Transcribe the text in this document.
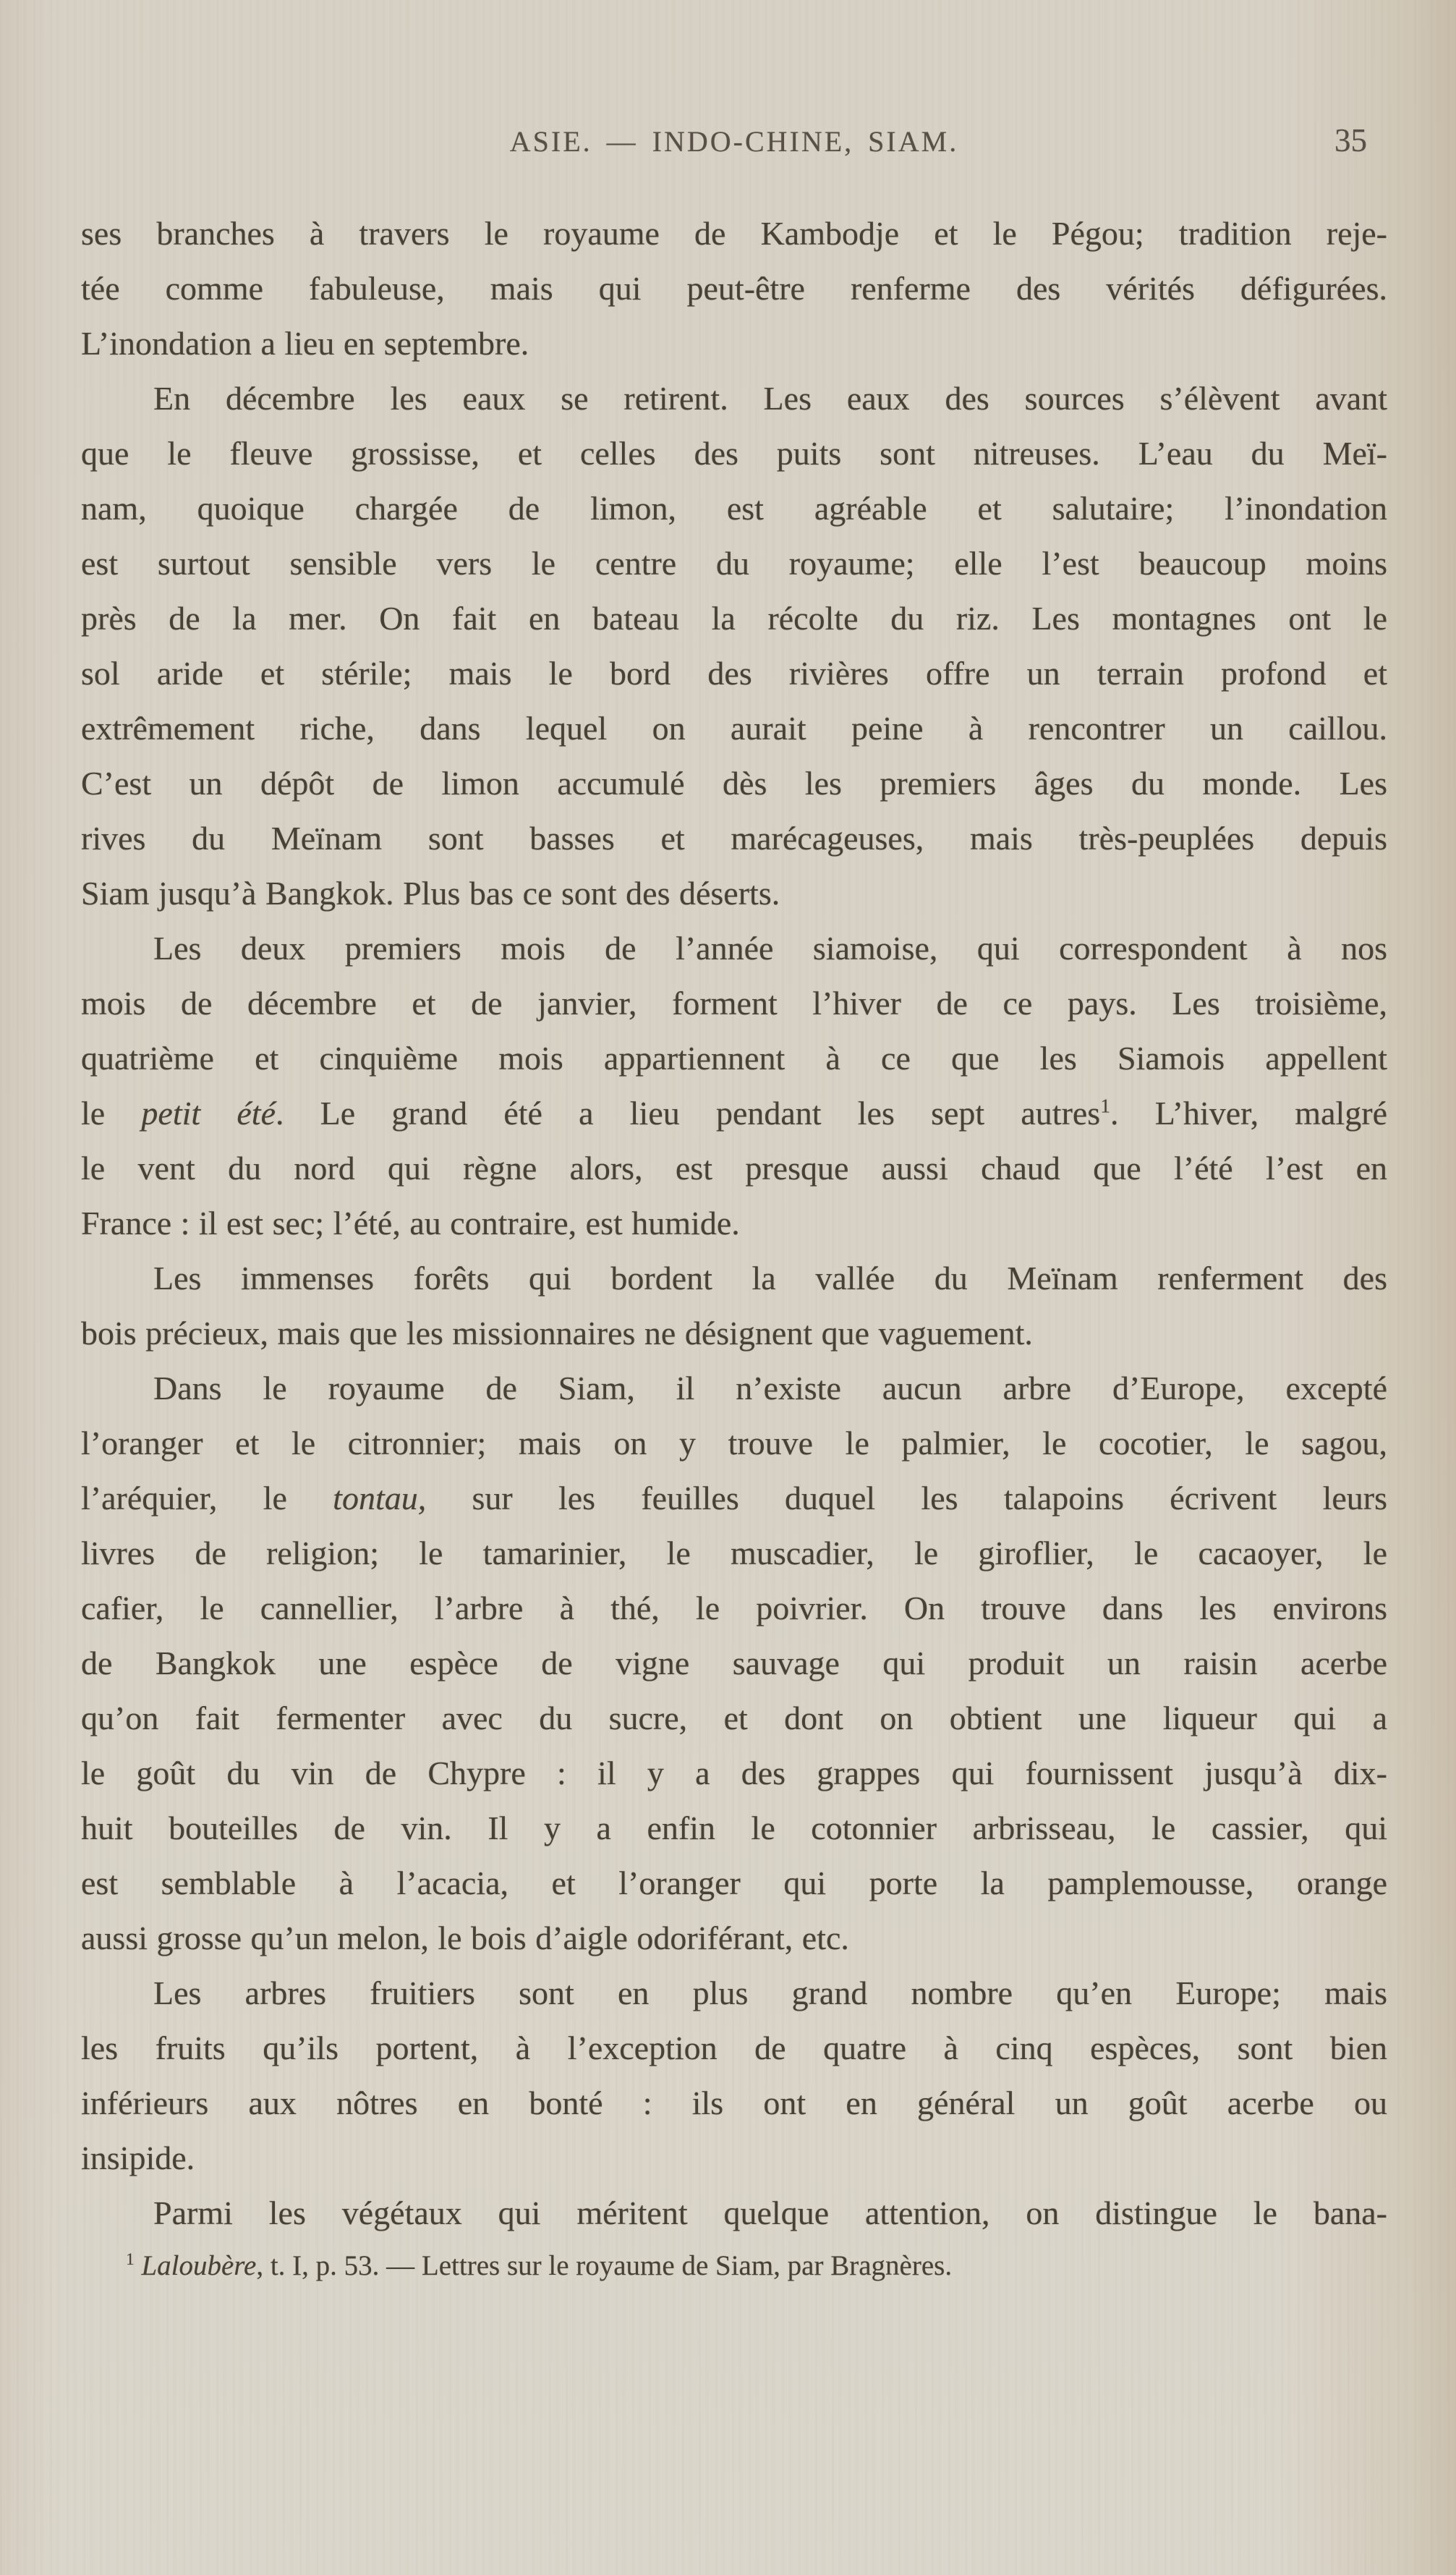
ASIE. — INDO-CHINE, SIAM.	35
ses branches à travers le royaume de Kambodje et le Pégou; tradition reje-
tée comme fabuleuse, mais qui peut-être renferme des vérités défigurées.
L’inondation a lieu en septembre.
En décembre les eaux se retirent. Les eaux des sources s’élèvent avant
que le fleuve grossisse, et celles des puits sont nitreuses. L’eau du Meï-
nam, quoique chargée de limon, est agréable et salutaire; l’inondation
est surtout sensible vers le centre du royaume; elle l’est beaucoup moins
près de la mer. On fait en bateau la récolte du riz. Les montagnes ont le
sol aride et stérile; mais le bord des rivières offre un terrain profond et
extrêmement riche, dans lequel on aurait peine à rencontrer un caillou.
C’est un dépôt de limon accumulé dès les premiers âges du monde. Les
rives du Meïnam sont basses et marécageuses, mais très-peuplées depuis
Siam jusqu’à Bangkok. Plus bas ce sont des déserts.
Les deux premiers mois de l’année siamoise, qui correspondent à nos
mois de décembre et de janvier, forment l’hiver de ce pays. Les troisième,
quatrième et cinquième mois appartiennent à ce que les Siamois appellent
le petit été. Le grand été a lieu pendant les sept autres$^1$. L’hiver, malgré
le vent du nord qui règne alors, est presque aussi chaud que l’été l’est en
France : il est sec; l’été, au contraire, est humide.
Les immenses forêts qui bordent la vallée du Meïnam renferment des
bois précieux, mais que les missionnaires ne désignent que vaguement.
Dans le royaume de Siam, il n’existe aucun arbre d’Europe, excepté
l’oranger et le citronnier; mais on y trouve le palmier, le cocotier, le sagou,
l’aréquier, le tontau, sur les feuilles duquel les talapoins écrivent leurs
livres de religion; le tamarinier, le muscadier, le giroflier, le cacaoyer, le
cafier, le cannellier, l’arbre à thé, le poivrier. On trouve dans les environs
de Bangkok une espèce de vigne sauvage qui produit un raisin acerbe
qu’on fait fermenter avec du sucre, et dont on obtient une liqueur qui a
le goût du vin de Chypre : il y a des grappes qui fournissent jusqu’à dix-
huit bouteilles de vin. Il y a enfin le cotonnier arbrisseau, le cassier, qui
est semblable à l’acacia, et l’oranger qui porte la pamplemousse, orange
aussi grosse qu’un melon, le bois d’aigle odoriférant, etc.
Les arbres fruitiers sont en plus grand nombre qu’en Europe; mais
les fruits qu’ils portent, à l’exception de quatre à cinq espèces, sont bien
inférieurs aux nôtres en bonté : ils ont en général un goût acerbe ou
insipide.
Parmi les végétaux qui méritent quelque attention, on distingue le bana-
$^1$ Laloubère, t. I, p. 53. — Lettres sur le royaume de Siam, par Bragnères.
